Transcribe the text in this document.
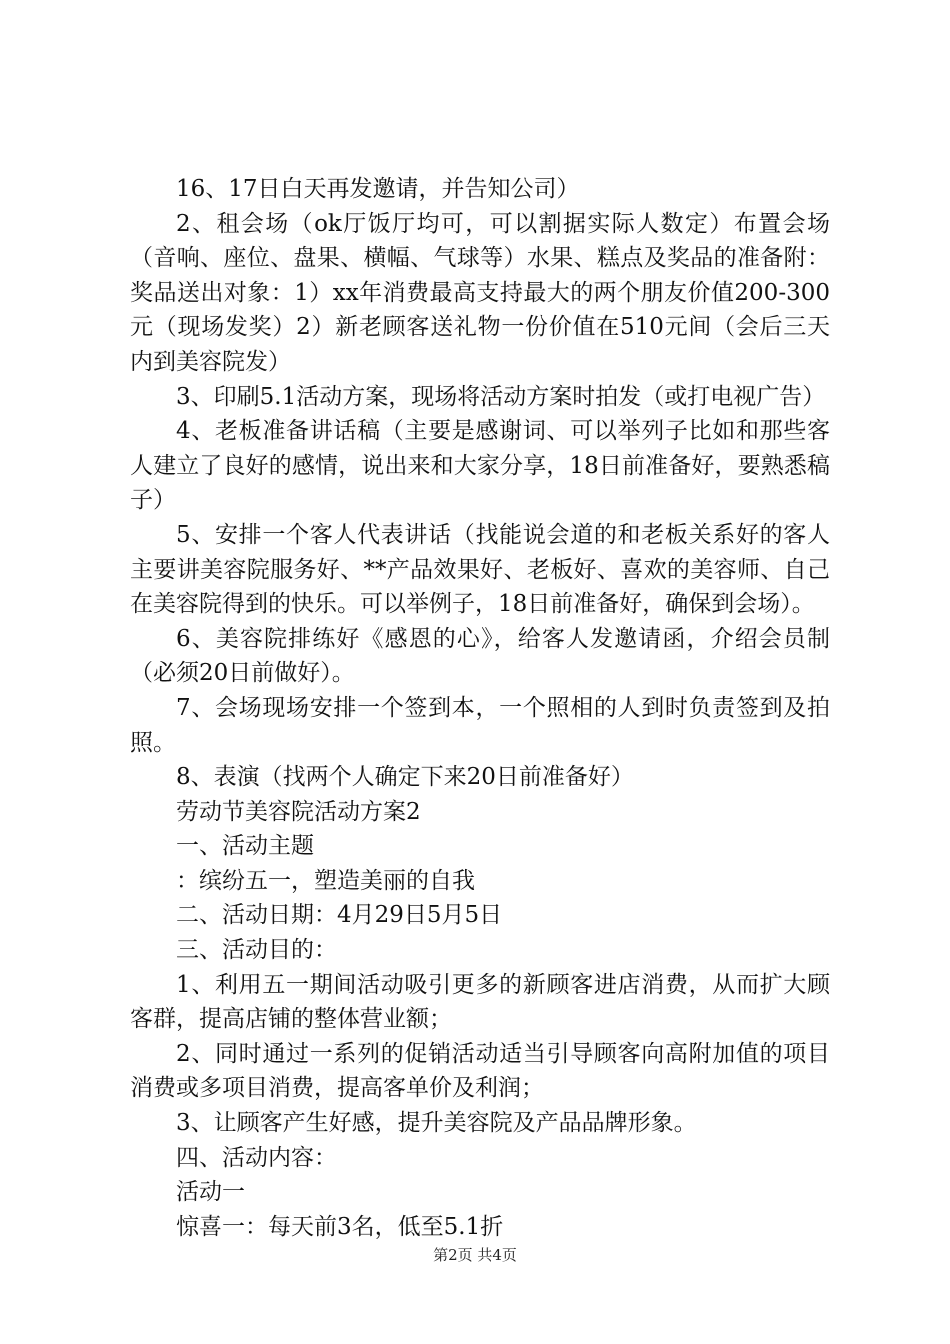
16、17日白天再发邀请，并告知公司）

2、租会场（ok厅饭厅均可，可以割据实际人数定）布置会场（音响、座位、盘果、横幅、气球等）水果、糕点及奖品的准备附：奖品送出对象：1）xx年消费最高支持最大的两个朋友价值200-300元（现场发奖）2）新老顾客送礼物一份价值在510元间（会后三天内到美容院发）

3、印刷5.1活动方案，现场将活动方案时拍发（或打电视广告）

4、老板准备讲话稿（主要是感谢词、可以举列子比如和那些客人建立了良好的感情，说出来和大家分享，18日前准备好，要熟悉稿子）

5、安排一个客人代表讲话（找能说会道的和老板关系好的客人主要讲美容院服务好、**产品效果好、老板好、喜欢的美容师、自己在美容院得到的快乐。可以举例子，18日前准备好，确保到会场）。

6、美容院排练好《感恩的心》，给客人发邀请函，介绍会员制（必须20日前做好）。

7、会场现场安排一个签到本，一个照相的人到时负责签到及拍照。

8、表演（找两个人确定下来20日前准备好）

劳动节美容院活动方案2

一、活动主题

：缤纷五一，塑造美丽的自我

二、活动日期：4月29日5月5日

三、活动目的：

1、利用五一期间活动吸引更多的新顾客进店消费，从而扩大顾客群，提高店铺的整体营业额；

2、同时通过一系列的促销活动适当引导顾客向高附加值的项目消费或多项目消费，提高客单价及利润；

3、让顾客产生好感，提升美容院及产品品牌形象。

四、活动内容：

活动一

惊喜一：每天前3名，低至5.1折

第2页 共4页
